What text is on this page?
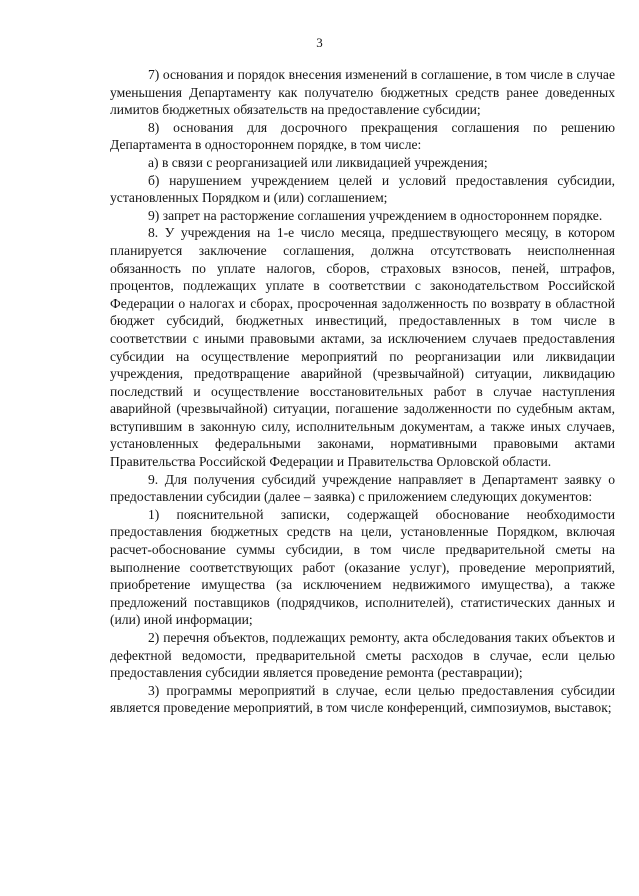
3

7) основания и порядок внесения изменений в соглашение, в том числе в случае уменьшения Департаменту как получателю бюджетных средств ранее доведенных лимитов бюджетных обязательств на предоставление субсидии;

8) основания для досрочного прекращения соглашения по решению Департамента в одностороннем порядке, в том числе:

а) в связи с реорганизацией или ликвидацией учреждения;

б) нарушением учреждением целей и условий предоставления субсидии, установленных Порядком и (или) соглашением;

9) запрет на расторжение соглашения учреждением в одностороннем порядке.

8. У учреждения на 1-е число месяца, предшествующего месяцу, в котором планируется заключение соглашения, должна отсутствовать неисполненная обязанность по уплате налогов, сборов, страховых взносов, пеней, штрафов, процентов, подлежащих уплате в соответствии с законодательством Российской Федерации о налогах и сборах, просроченная задолженность по возврату в областной бюджет субсидий, бюджетных инвестиций, предоставленных в том числе в соответствии с иными правовыми актами, за исключением случаев предоставления субсидии на осуществление мероприятий по реорганизации или ликвидации учреждения, предотвращение аварийной (чрезвычайной) ситуации, ликвидацию последствий и осуществление восстановительных работ в случае наступления аварийной (чрезвычайной) ситуации, погашение задолженности по судебным актам, вступившим в законную силу, исполнительным документам, а также иных случаев, установленных федеральными законами, нормативными правовыми актами Правительства Российской Федерации и Правительства Орловской области.

9. Для получения субсидий учреждение направляет в Департамент заявку о предоставлении субсидии (далее – заявка) с приложением следующих документов:

1) пояснительной записки, содержащей обоснование необходимости предоставления бюджетных средств на цели, установленные Порядком, включая расчет-обоснование суммы субсидии, в том числе предварительной сметы на выполнение соответствующих работ (оказание услуг), проведение мероприятий, приобретение имущества (за исключением недвижимого имущества), а также предложений поставщиков (подрядчиков, исполнителей), статистических данных и (или) иной информации;

2) перечня объектов, подлежащих ремонту, акта обследования таких объектов и дефектной ведомости, предварительной сметы расходов в случае, если целью предоставления субсидии является проведение ремонта (реставрации);

3) программы мероприятий в случае, если целью предоставления субсидии является проведение мероприятий, в том числе конференций, симпозиумов, выставок;
